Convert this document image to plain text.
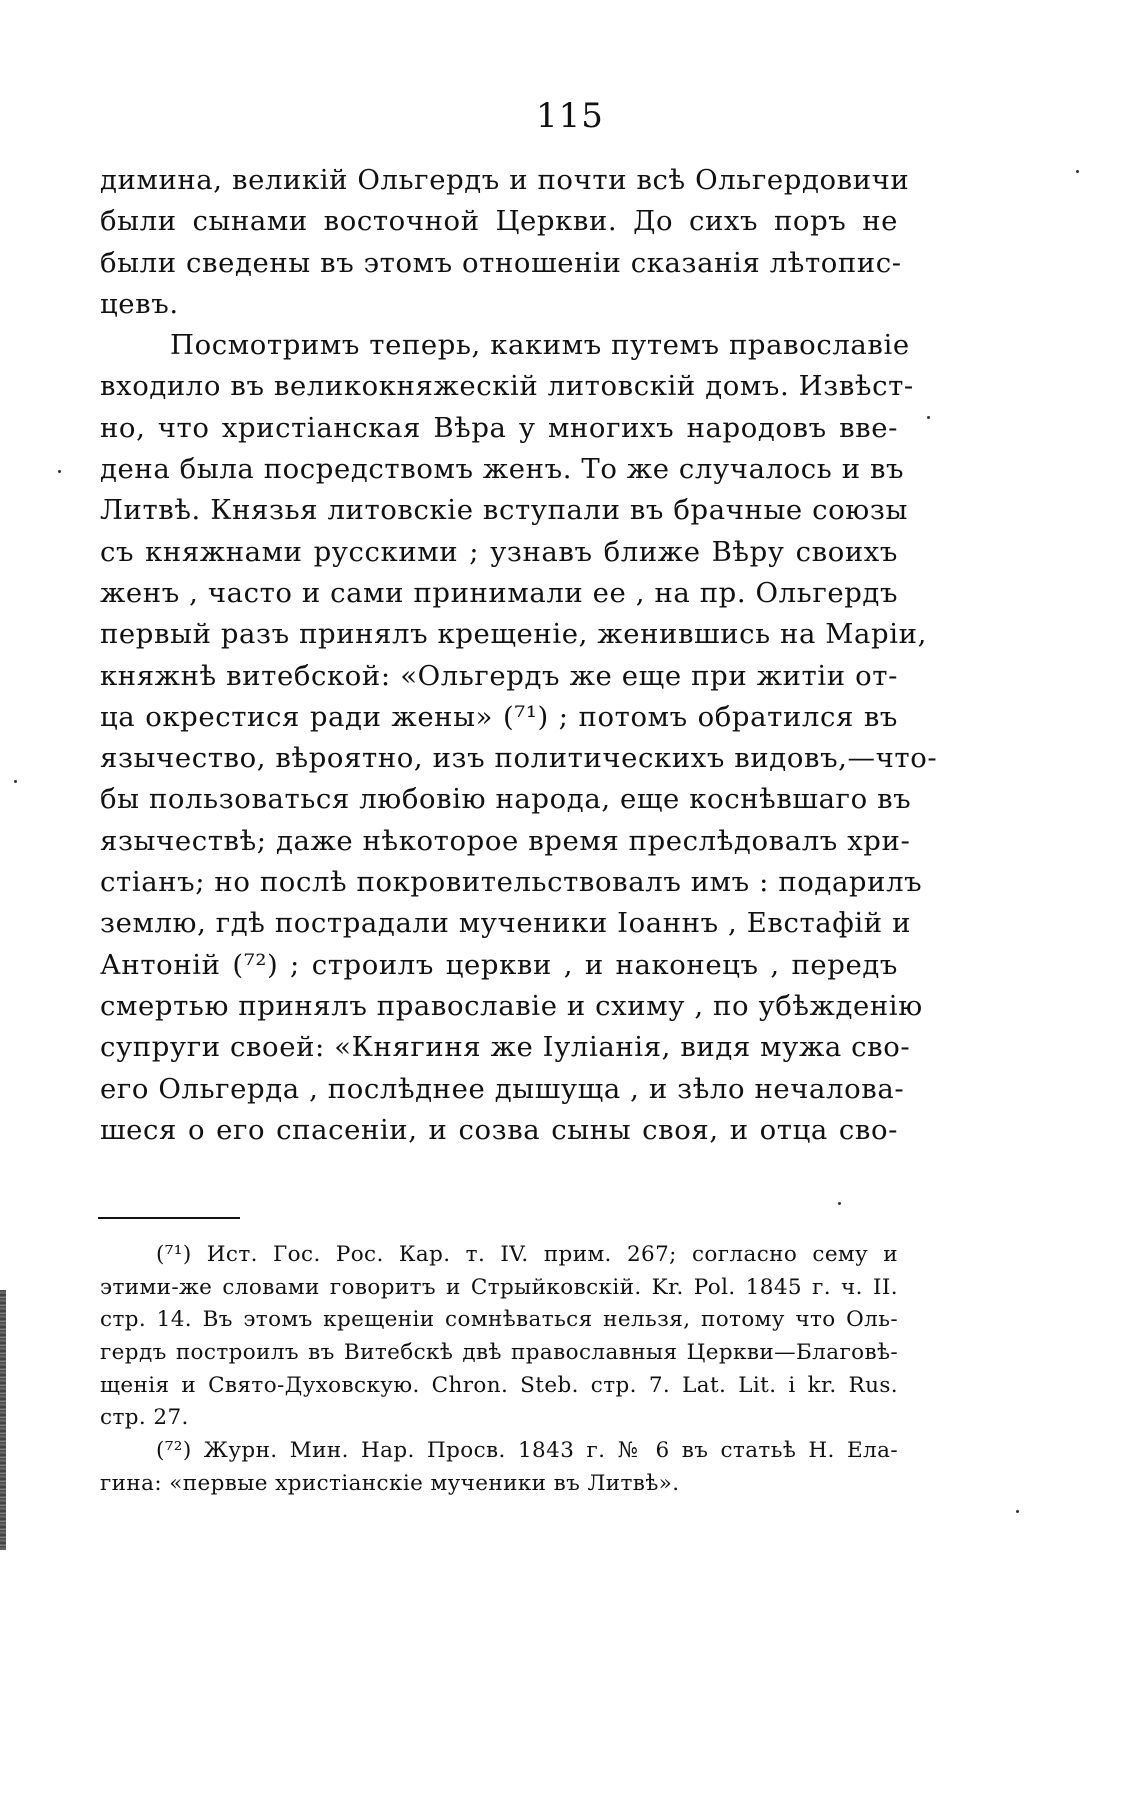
115
димина, великій Ольгердъ и почти всѣ Ольгердовичи
были сынами восточной Церкви. До сихъ поръ не
были сведены въ этомъ отношеніи сказанія лѣтопис-
цевъ.
Посмотримъ теперь, какимъ путемъ православіе
входило въ великокняжескій литовскій домъ. Извѣст-
но, что христіанская Вѣра у многихъ народовъ вве-
дена была посредствомъ женъ. То же случалось и въ
Литвѣ. Князья литовскіе вступали въ брачные союзы
съ княжнами русскими ; узнавъ ближе Вѣру своихъ
женъ , часто и сами принимали ее , на пр. Ольгердъ
первый разъ принялъ крещеніе, женившись на Маріи,
княжнѣ витебской: «Ольгердъ же еще при житіи от-
ца окрестися ради жены» (⁷¹) ; потомъ обратился въ
язычество, вѣроятно, изъ политическихъ видовъ,—что-
бы пользоваться любовію народа, еще коснѣвшаго въ
язычествѣ; даже нѣкоторое время преслѣдовалъ хри-
стіанъ; но послѣ покровительствовалъ имъ : подарилъ
землю, гдѣ пострадали мученики Іоаннъ , Евстафій и
Антоній (⁷²) ; строилъ церкви , и наконецъ , передъ
смертью принялъ православіе и схиму , по убѣжденію
супруги своей: «Княгиня же Іуліанія, видя мужа сво-
его Ольгерда , послѣднее дышуща , и зѣло нечалова-
шеся о его спасеніи, и созва сыны своя, и отца сво-
(⁷¹) Ист. Гос. Рос. Кар. т. IV. прим. 267; согласно сему и
этими-же словами говоритъ и Стрыйковскій. Kr. Pol. 1845 г. ч. II.
стр. 14. Въ этомъ крещеніи сомнѣваться нельзя, потому что Оль-
гердъ построилъ въ Витебскѣ двѣ православныя Церкви—Благовѣ-
щенія и Свято-Духовскую. Chron. Steb. стр. 7. Lat. Lit. i kr. Rus.
стр. 27.
(⁷²) Журн. Мин. Нар. Просв. 1843 г. № 6 въ статьѣ Н. Елa-
гина: «первые христіанскіе мученики въ Литвѣ».
